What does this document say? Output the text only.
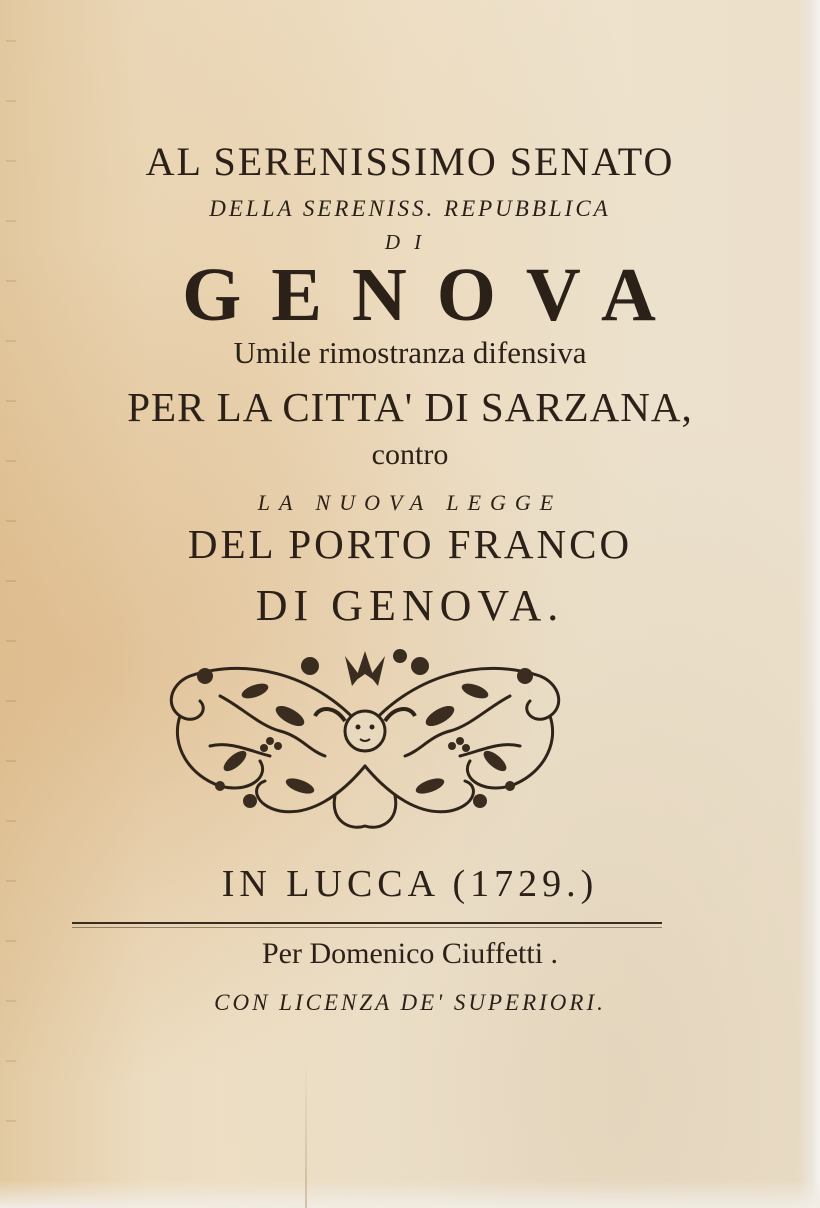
AL SERENISSIMO SENATO
DELLA SERENISS. REPUBBLICA
DI
GENOVA
Umile rimostranza difensiva
PER LA CITTA' DI SARZANA,
contro
LA NUOVA LEGGE
DEL PORTO FRANCO
DI GENOVA.
IN LUCCA (1729.)
Per Domenico Ciuffetti .
CON LICENZA DE' SUPERIORI.
